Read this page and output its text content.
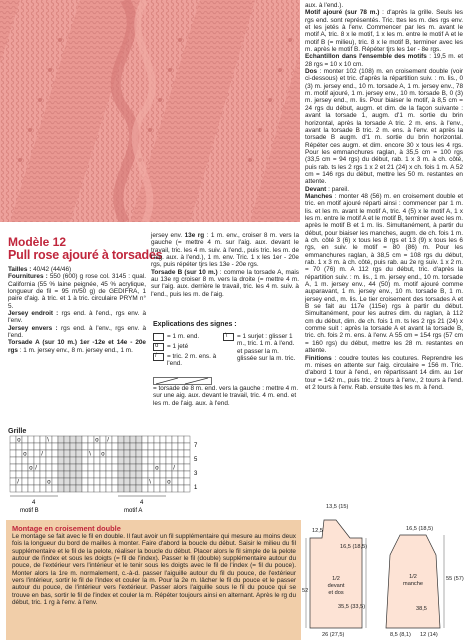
aux. à l'end.).

Motif ajouré (sur 78 m.) : d'après la grille. Seuls les rgs end. sont représentés. Tric. ttes les m. des rgs env. et les jetés à l'env. Commencer par les m. avant le motif A, tric. 8 x le motif, 1 x les m. entre le motif A et le motif B (= milieu), tric. 8 x le motif B, terminer avec les m. après le motif B. Répéter tjrs les 1er - 8e rgs.

Echantillon dans l'ensemble des motifs : 19,5 m. et 28 rgs = 10 x 10 cm.

Dos : monter 102 (108) m. en croisement double (voir ci-dessous) et tric. d'après la répartition suiv. : m. lis., 0 (3) m. jersey end., 10 m. torsade A, 1 m. jersey env., 78 m. motif ajouré, 1 m. jersey env., 10 m. torsade B, 0 (3) m. jersey end., m. lis. Pour biaiser le motif, à 8,5 cm = 24 rgs du début, augm. et dim. de la façon suivante : avant la torsade 1, augm. d'1 m. sortie du brin horizontal, après la torsade A tric. 2 m. ens. à l'env., avant la torsade B tric. 2 m. ens. à l'env. et après la torsade B augm. d'1 m. sortie du brin horizontal. Répéter ces augm. et dim. encore 30 x tous les 4 rgs. Pour les emmanchures raglan, à 35,5 cm = 100 rgs (33,5 cm = 94 rgs) du début, rab. 1 x 3 m. à ch. côté, puis rab. ts les 2 rgs 1 x 2 et 21 (24) x ch. fois 1 m. A 52 cm = 146 rgs du début, mettre les 50 m. restantes en attente.

Devant : pareil.

Manches : monter 48 (56) m. en croisement double et tric. en motif ajouré réparti ainsi : commencer par 1 m. lis. et les m. avant le motif A, tric. 4 (5) x le motif A, 1 x les m. entre le motif A et le motif B, terminer avec les m. après le motif B et 1 m. lis. Simultanément, à partir du début, pour biaiser les manches, augm. de ch. fois 1 m. à ch. côté 3 (6) x tous les 8 rgs et 13 (9) x tous les 6 rgs, en suiv. le motif = 80 (86) m. Pour les emmanchures raglan, à 38,5 cm = 108 rgs du début, rab. 1 x 3 m. à ch. côté, puis rab. au 2e rg suiv. 1 x 2 m. = 70 (76) m. A 112 rgs du début, tric. d'après la répartition suiv. : m. lis., 1 m. jersey end., 10 m. torsade A, 1 m. jersey env., 44 (50) m. motif ajouré comme auparavant, 1 m. jersey env., 10 m. torsade B, 1 m. jersey end., m. lis. Le tier croisement des torsades A et B se fait au 117e (115e) rgs à partir du début. Simultanément, pour les autres dim. du raglan, à 112 cm du début, dim. de ch. fois 1 m. ts les 2 rgs 21 (24) x comme suit : après la torsade A et avant la torsade B, tric. ch. fois 2 m. ens. à l'env. A 55 cm = 154 rgs (57 cm = 160 rgs) du début, mettre les 28 m. restantes en attente.

Finitions : coudre toutes les coutures. Reprendre les m. mises en attente sur l'aig. circulaire = 156 m. Tric. d'abord 1 tour à l'end., en répartissant 14 dim. au 1er tour = 142 m., puis tric. 2 tours à l'env., 2 tours à l'end. et 2 tours à l'env. Rab. ensuite ttes les m. à l'end.

Modèle 12
Pull rose ajouré à torsades

Tailles : 40/42 (44/46)

Fournitures : 550 (600) g rose col. 3145 : qual. California (55 % laine peignée, 45 % acrylique, longueur de fil = 95 m/50 g) de GEDIFRA, 1 paire d'aig. à tric. et 1 à tric. circulaire PRYM n° 5.

Jersey endroit : rgs end. à l'end., rgs env. à l'env.

Jersey envers : rgs end. à l'env., rgs env. à l'end.

Torsade A (sur 10 m.) 1er -12e et 14e - 20e rgs : 1 m. jersey env., 8 m. jersey end., 1 m.

jersey env. 13e rg : 1 m. env., croiser 8 m. vers la gauche (= mettre 4 m. sur l'aig. aux. devant le travail, tric. les 4 m. suiv. à l'end., puis tric. les m. de l'aig. aux. à l'end.), 1 m. env. Tric. 1 x les 1er - 20e rgs, puis répéter tjrs les 13e - 20e rgs.

Torsade B (sur 10 m.) : comme la torsade A, mais au 13e rg croiser 8 m. vers la droite (= mettre 4 m. sur l'aig. aux. derrière le travail, tric. les 4 m. suiv. à l'end., puis les m. de l'aig.

Explications des signes :
= 1 m. end.
o = 1 jeté
/ = tric. 2 m. ens. à l'end.
\ = 1 surjet : glisser 1 m., tric. 1 m. à l'end. et passer la m. glissée sur la m. tric.
= torsade de 8 m. end. vers la gauche : mettre 4 m. sur une aig. aux. devant le travail, tric. 4 m. end. et les m. de l'aig. aux. à l'end.
Grille
o	\
o /
o /
/	o
o /
\ o
o /
\	o
7
5
3
1
4	4
motif B	motif A
1/2 devant et dos
1/2 manche
13,5 (15)
12,5
16,5 (18,5)
16,5 (18,5)
52
35,5 (33,5)	38,5
55 (57)
26 (27,5)	8,5 (8,1) 12 (14)
Montage en croisement double
Le montage se fait avec le fil en double. Il faut avoir un fil supplémentaire qui mesure au moins deux fois la longueur du bord de mailles à monter. Faire d'abord la boucle du début. Saisir le milieu du fil supplémentaire et le fil de la pelote, réaliser la boucle du début. Placer alors le fil simple de la pelote autour de l'index et sous les doigts (= fil de l'index). Passer le fil (double) supplémentaire autour du pouce, de l'extérieur vers l'intérieur et le tenir sous les doigts avec le fil de l'index (= fil du pouce). Monter alors la 1re m. normalement, c.-à-d. passer l'aiguille autour du fil du pouce, de l'extérieur vers l'intérieur, sortir le fil de l'index et couler la m. Pour la 2e m. lâcher le fil du pouce et le passer autour du pouce, de l'intérieur vers l'extérieur. Passer alors l'aiguille sous le fil du pouce qui se trouve en bas, sortir le fil de l'index et couler la m. Répéter toujours ainsi en alternant. Après le rg du début, tric. 1 rg à l'env. à l'env.
